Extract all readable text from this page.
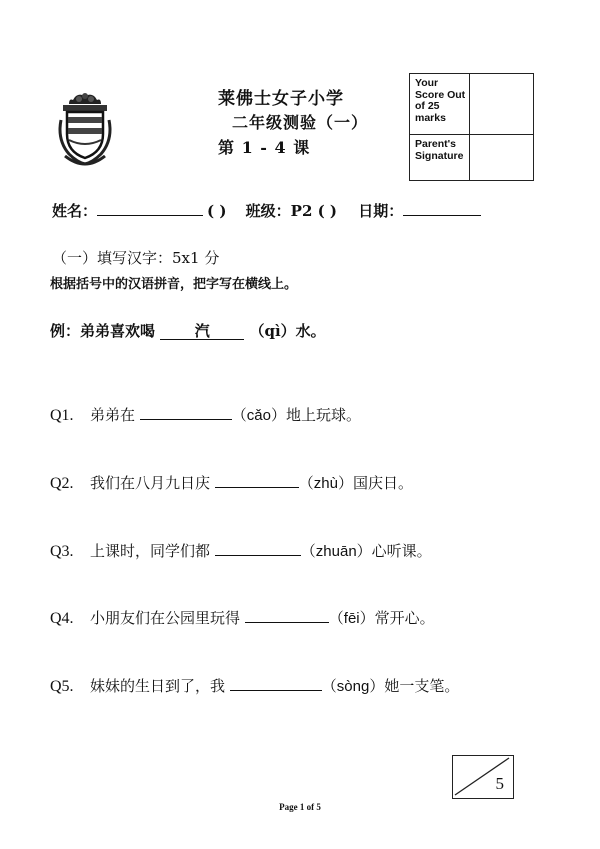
莱佛士女子小学
二年级测验（一）
第 1 - 4 课
Your Score Out of 25 marks
Parent's Signature
姓名：	( ) 班级：P2 ( ) 日期：
（一）填写汉字：5x1 分
根据括号中的汉语拼音，把字写在横线上。
例：弟弟喜欢喝	汽	（qì）水。
Q1. 弟弟在	（cǎo）地上玩球。
Q2. 我们在八月九日庆	（zhù）国庆日。
Q3. 上课时，同学们都	（zhuān）心听课。
Q4. 小朋友们在公园里玩得	（fēi）常开心。
Q5. 妹妹的生日到了，我	（sòng）她一支笔。
5
Page 1 of 5
